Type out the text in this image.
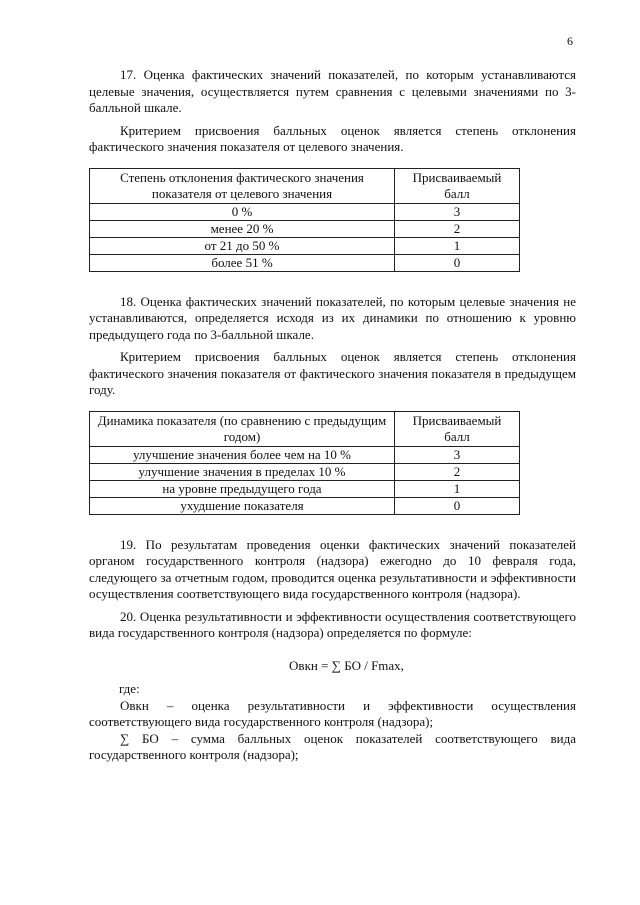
6

17. Оценка фактических значений показателей, по которым устанавливаются целевые значения, осуществляется путем сравнения с целевыми значениями по 3-балльной шкале.

Критерием присвоения балльных оценок является степень отклонения фактического значения показателя от целевого значения.

Степень отклонения фактического значения показателя от целевого значения	Присваиваемый балл
0 %	3
менее 20 %	2
от 21 до 50 %	1
более 51 %	0

18. Оценка фактических значений показателей, по которым целевые значения не устанавливаются, определяется исходя из их динамики по отношению к уровню предыдущего года по 3-балльной шкале.

Критерием присвоения балльных оценок является степень отклонения фактического значения показателя от фактического значения показателя в предыдущем году.

Динамика показателя (по сравнению с предыдущим годом)	Присваиваемый балл
улучшение значения более чем на 10 %	3
улучшение значения в пределах 10 %	2
на уровне предыдущего года	1
ухудшение показателя	0

19. По результатам проведения оценки фактических значений показателей органом государственного контроля (надзора) ежегодно до 10 февраля года, следующего за отчетным годом, проводится оценка результативности и эффективности осуществления соответствующего вида государственного контроля (надзора).

20. Оценка результативности и эффективности осуществления соответствующего вида государственного контроля (надзора) определяется по формуле:

Овкн = ∑ БО / Fmax,

где:

Овкн – оценка результативности и эффективности осуществления соответствующего вида государственного контроля (надзора);

∑ БО – сумма балльных оценок показателей соответствующего вида государственного контроля (надзора);
